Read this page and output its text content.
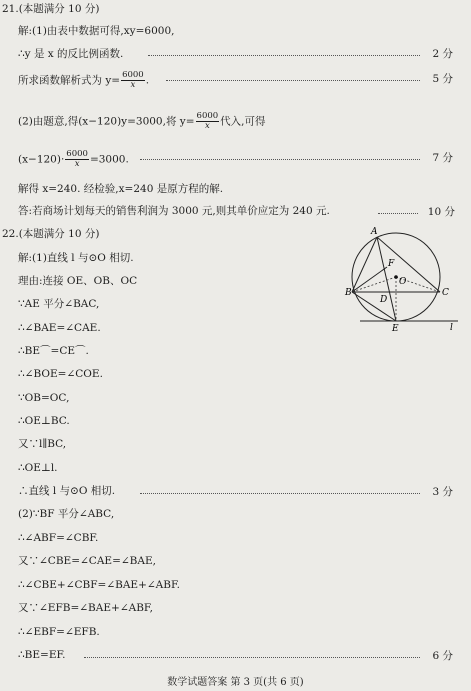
21.(本题满分 10 分)
解:(1)由表中数据可得,xy=6000,
∴y 是 x 的反比例函数.	2 分
所求函数解析式为 $y= \frac{6000}{x}$ .	5 分
(2)由题意,得(x−120)y=3000,将 $y= \frac{6000}{x}$ 代入,可得
$(x-120)\cdot \frac{6000}{x} =3000$.	7 分
解得 x=240. 经检验,x=240 是原方程的解.
答:若商场计划每天的销售利润为 3000 元,则其单价应定为 240 元.	10 分
22.(本题满分 10 分)
解:(1)直线 l 与⊙O 相切.
理由:连接 OE、OB、OC
∵AE 平分∠BAC,
∴∠BAE=∠CAE.
∴BE⌒=CE⌒.
∴∠BOE=∠COE.
∵OB=OC,
∴OE⊥BC.
又∵l∥BC,
∴OE⊥l.
∴直线 l 与⊙O 相切.	3 分
(2)∵BF 平分∠ABC,
∴∠ABF=∠CBF.
又∵∠CBE=∠CAE=∠BAE,
∴∠CBE+∠CBF=∠BAE+∠ABF.
又∵∠EFB=∠BAE+∠ABF,
∴∠EBF=∠EFB.
∴BE=EF.	6 分
A
B	C
D
E
F
O
l
数学试题答案 第 3 页(共 6 页)
